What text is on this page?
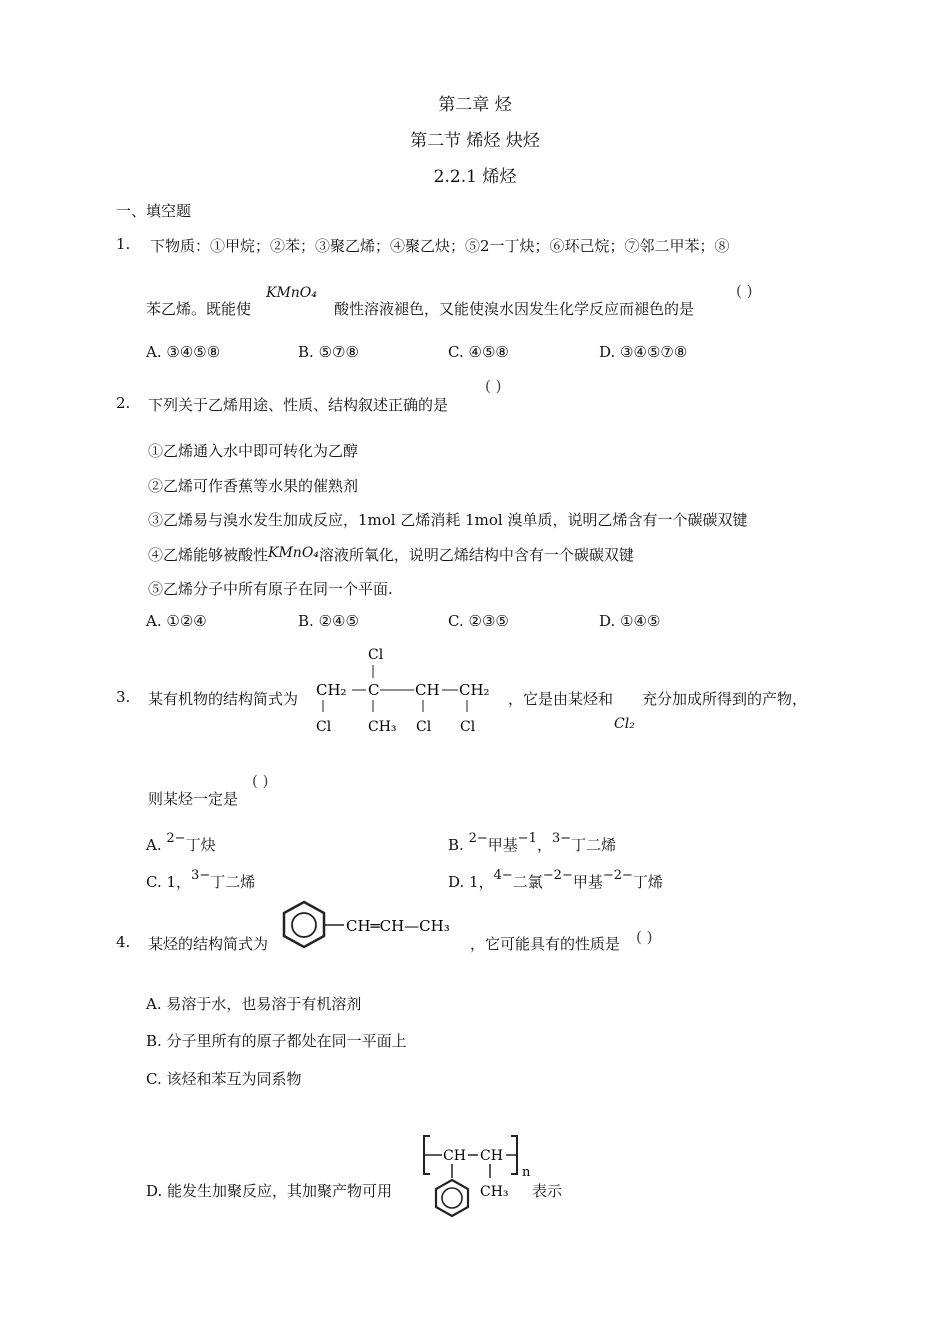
第二章 烃
第二节 烯烃 炔烃
2.2.1 烯烃
一、填空题
1. 下物质：①甲烷；②苯；③聚乙烯；④聚乙炔；⑤2一丁炔；⑥环己烷；⑦邻二甲苯；⑧
苯乙烯。既能使
KMnO₄
酸性溶液褪色，又能使溴水因发生化学反应而褪色的是
( )
A. ③④⑤⑧	B. ⑤⑦⑧	C. ④⑤⑧	D. ③④⑤⑦⑧
2. 下列关于乙烯用途、性质、结构叙述正确的是
( )
①乙烯通入水中即可转化为乙醇
②乙烯可作香蕉等水果的催熟剂
③乙烯易与溴水发生加成反应，1mol 乙烯消耗 1mol 溴单质，说明乙烯含有一个碳碳双键
④乙烯能够被酸性KMnO₄溶液所氧化，说明乙烯结构中含有一个碳碳双键
⑤乙烯分子中所有原子在同一个平面.
A. ①②④	B. ②④⑤	C. ②③⑤	D. ①④⑤
3. 某有机物的结构简式为 CH₂ C CH CH₂
Cl
Cl	CH₃ Cl Cl
，它是由某烃和 充分加成所得到的产物，
Cl₂
则某烃一定是
( )
A. 2−丁炔	B. 2−甲基−1，3−丁二烯
C. 1，3−丁二烯	D. 1，4−二氯−2−甲基−2−丁烯
4. 某烃的结构简式为
CH═CH—CH₃
，它可能具有的性质是 ( )
A. 易溶于水，也易溶于有机溶剂
B. 分子里所有的原子都处在同一平面上
C. 该烃和苯互为同系物
D. 能发生加聚反应，其加聚产物可用
CH CH
n
CH₃ 表示
